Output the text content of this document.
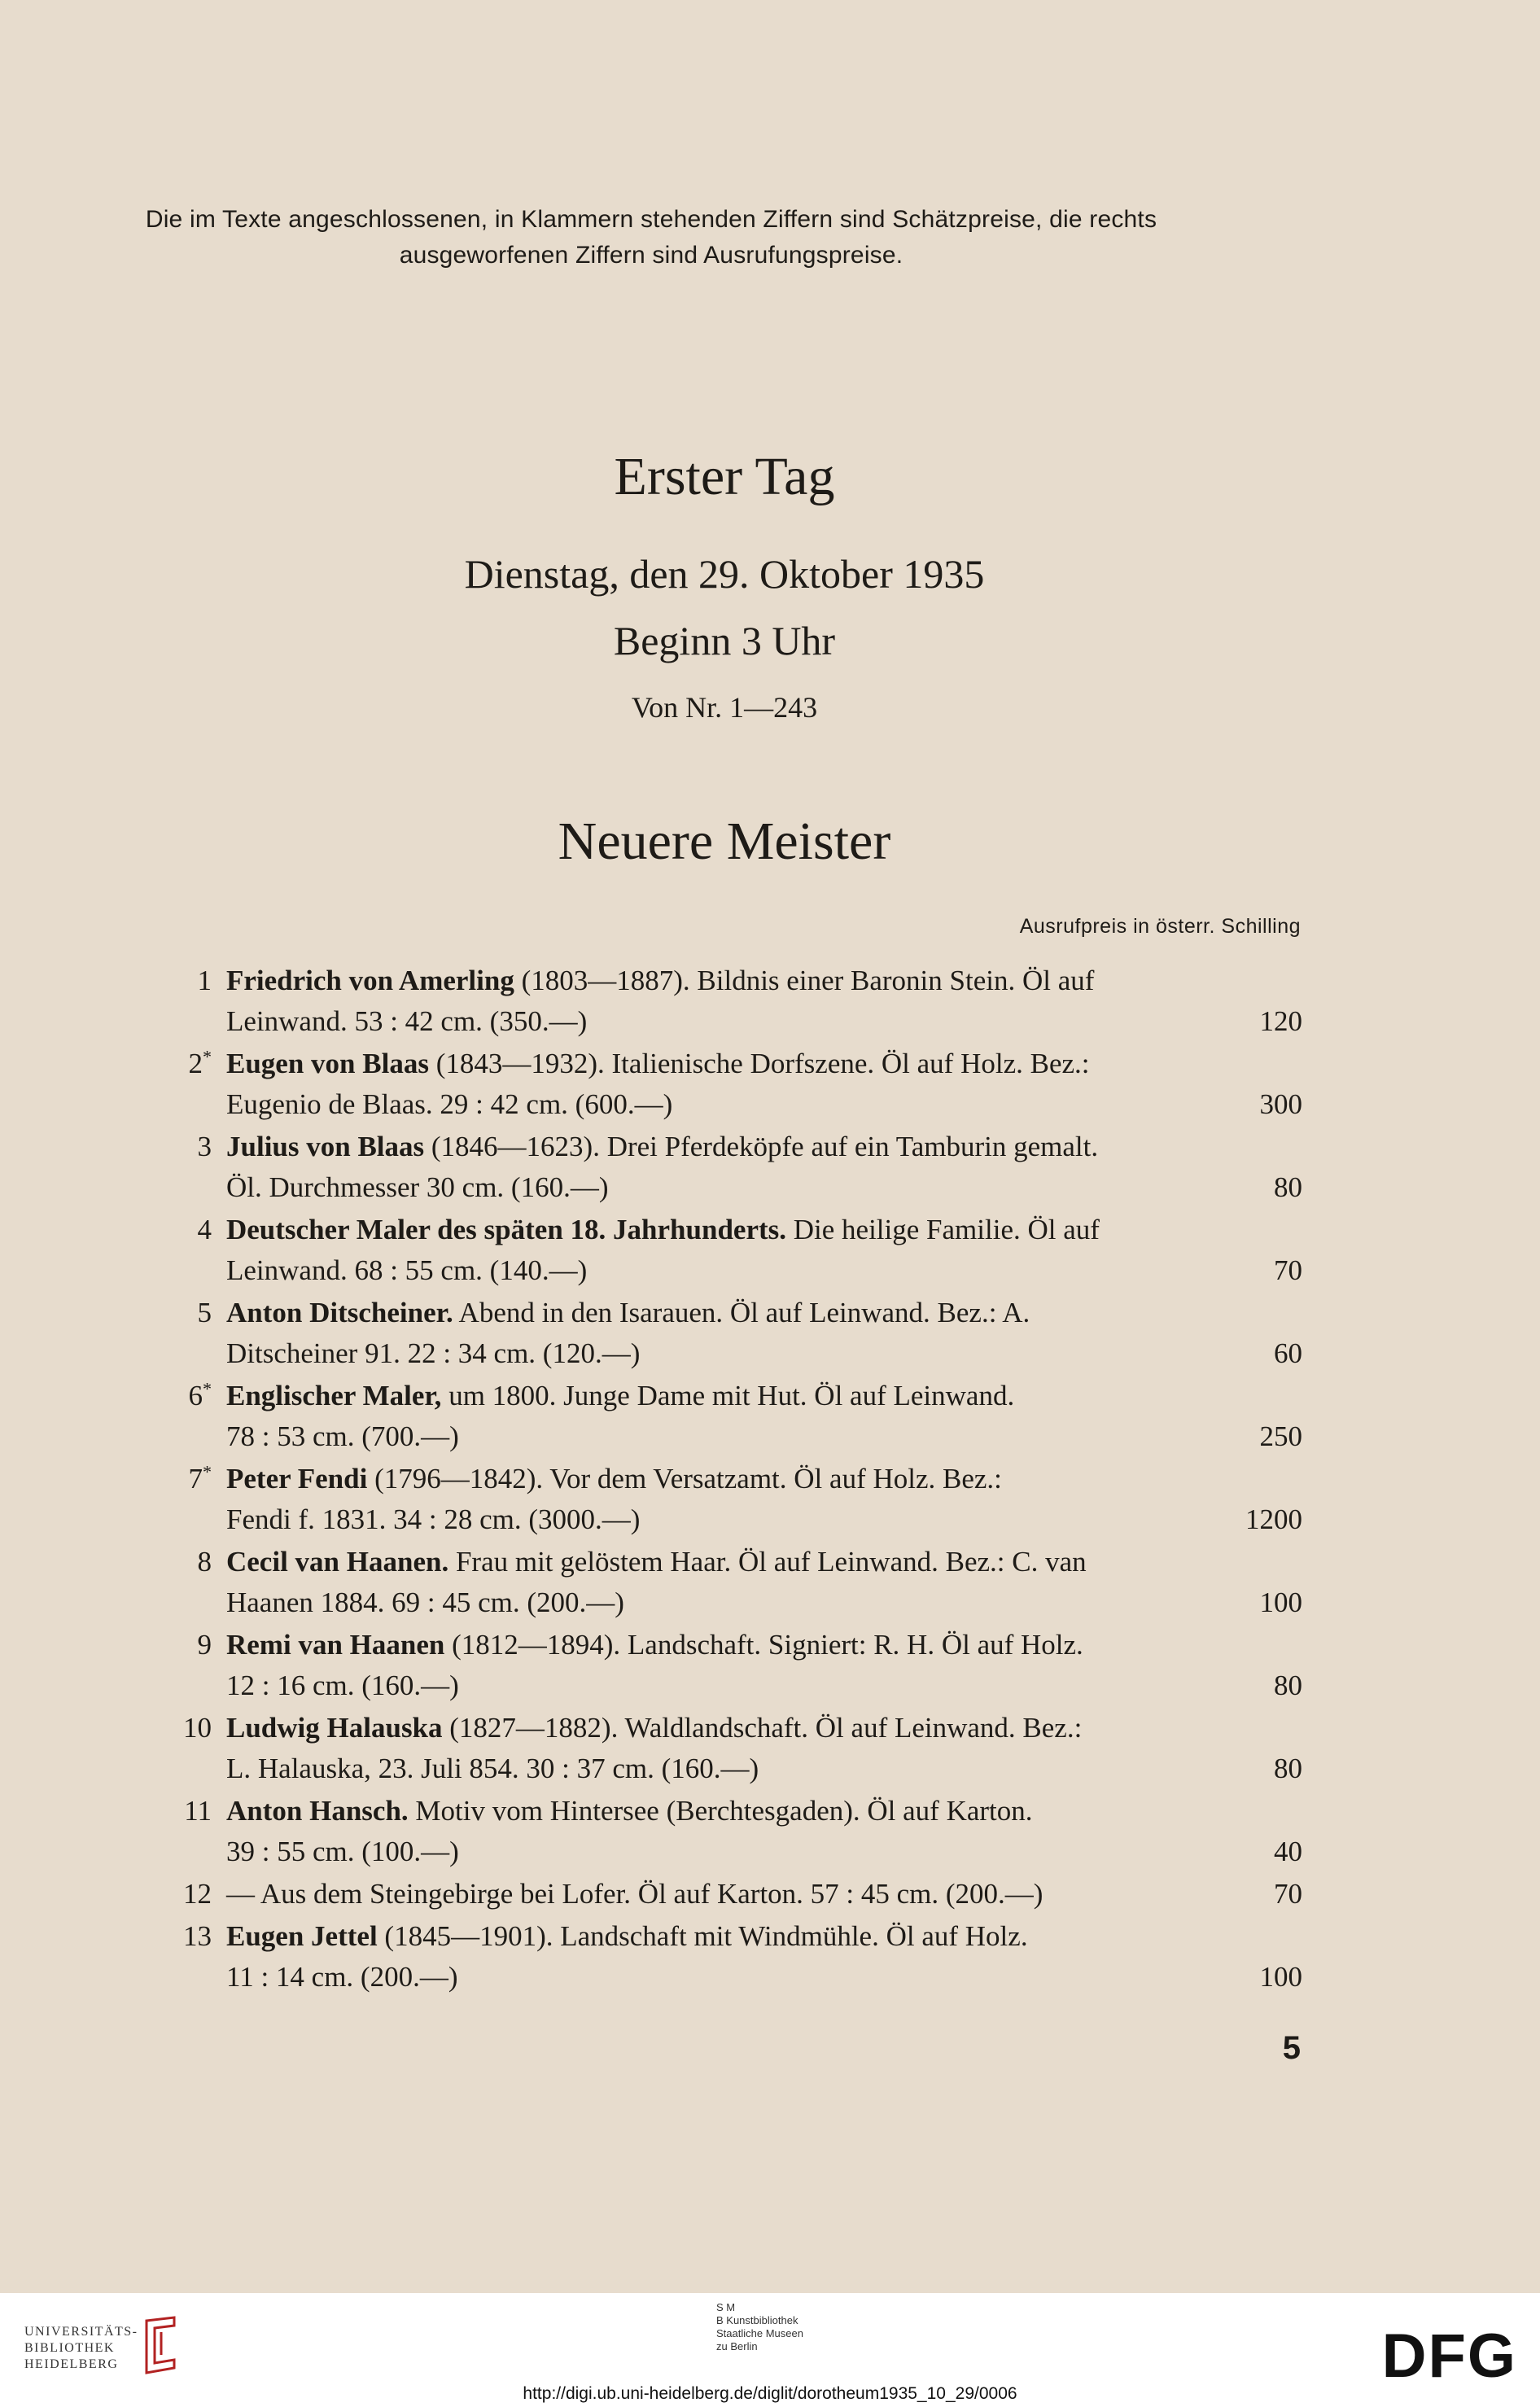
Die im Texte angeschlossenen, in Klammern stehenden Ziffern sind Schätzpreise, die rechts
ausgeworfenen Ziffern sind Ausrufungspreise.
Erster Tag
Dienstag, den 29. Oktober 1935
Beginn 3 Uhr
Von Nr. 1—243
Neuere Meister
Ausrufpreis in österr. Schilling
1 Friedrich von Amerling (1803—1887). Bildnis einer Baronin Stein. Öl auf
Leinwand. 53 : 42 cm. (350.—)	120
2* Eugen von Blaas (1843—1932). Italienische Dorfszene. Öl auf Holz. Bez.:
Eugenio de Blaas. 29 : 42 cm. (600.—)	300
3 Julius von Blaas (1846—1623). Drei Pferdeköpfe auf ein Tamburin gemalt.
Öl. Durchmesser 30 cm. (160.—)	80
4 Deutscher Maler des späten 18. Jahrhunderts. Die heilige Familie. Öl auf
Leinwand. 68 : 55 cm. (140.—)	70
5 Anton Ditscheiner. Abend in den Isarauen. Öl auf Leinwand. Bez.: A.
Ditscheiner 91. 22 : 34 cm. (120.—)	60
6* Englischer Maler, um 1800. Junge Dame mit Hut. Öl auf Leinwand.
78 : 53 cm. (700.—)	250
7* Peter Fendi (1796—1842). Vor dem Versatzamt. Öl auf Holz. Bez.:
Fendi f. 1831. 34 : 28 cm. (3000.—)	1200
8 Cecil van Haanen. Frau mit gelöstem Haar. Öl auf Leinwand. Bez.: C. van
Haanen 1884. 69 : 45 cm. (200.—)	100
9 Remi van Haanen (1812—1894). Landschaft. Signiert: R. H. Öl auf Holz.
12 : 16 cm. (160.—)	80
10 Ludwig Halauska (1827—1882). Waldlandschaft. Öl auf Leinwand. Bez.:
L. Halauska, 23. Juli 854. 30 : 37 cm. (160.—)	80
11 Anton Hansch. Motiv vom Hintersee (Berchtesgaden). Öl auf Karton.
39 : 55 cm. (100.—)	40
12 — Aus dem Steingebirge bei Lofer. Öl auf Karton. 57 : 45 cm. (200.—)	70
13 Eugen Jettel (1845—1901). Landschaft mit Windmühle. Öl auf Holz.
11 : 14 cm. (200.—)	100
5
UNIVERSITÄTS-
BIBLIOTHEK
HEIDELBERG
S M
B Kunstbibliothek
Staatliche Museen
zu Berlin	DFG
http://digi.ub.uni-heidelberg.de/diglit/dorotheum1935_10_29/0006
